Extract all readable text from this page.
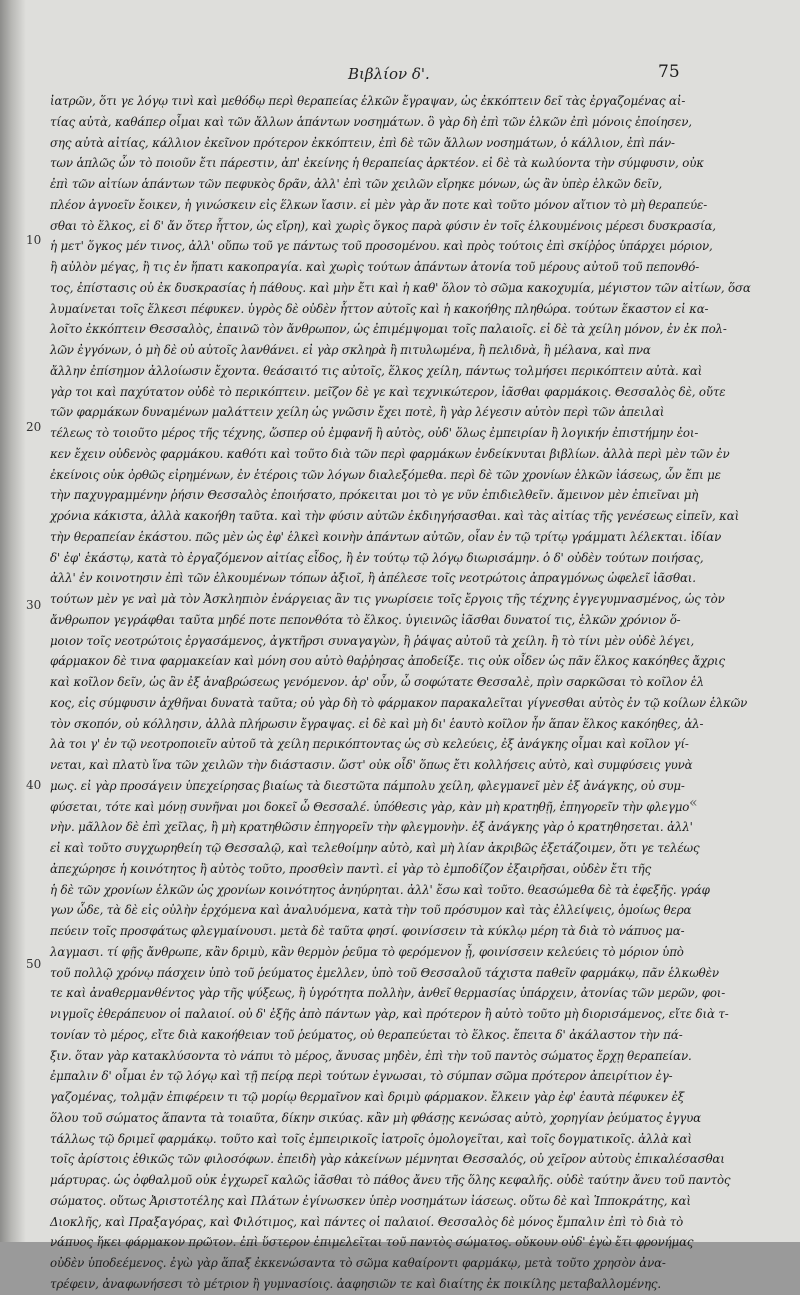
Βιβλίον δ'.	75
10
20
30
40
50
«
ἰατρῶν, ὅτι γε λόγῳ τινὶ καὶ μεθόδῳ περὶ θεραπείας ἑλκῶν ἔγραψαν, ὡς ἐκκόπτειν δεῖ τὰς ἐργαζομένας αἰ-
τίας αὐτὰ, καθάπερ οἶμαι καὶ τῶν ἄλλων ἁπάντων νοσημάτων. ὃ γὰρ δὴ ἐπὶ τῶν ἑλκῶν ἐπὶ μόνοις ἐποίησεν,
σης αὐτὰ αἰτίας, κάλλιον ἐκεῖνον πρότερον ἐκκόπτειν, ἐπὶ δὲ τῶν ἄλλων νοσημάτων, ὁ κάλλιον, ἐπὶ πάν-
των ἁπλῶς ὧν τὸ ποιοῦν ἔτι πάρεστιν, ἀπ' ἐκείνης ἡ θεραπείας ἀρκτέον. εἰ δὲ τὰ κωλύοντα τὴν σύμφυσιν, οὐκ
ἐπὶ τῶν αἰτίων ἁπάντων τῶν πεφυκὸς δρᾶν, ἀλλ' ἐπὶ τῶν χειλῶν εἴρηκε μόνων, ὡς ἂν ὑπὲρ ἑλκῶν δεῖν,
πλέον ἀγνοεῖν ἔοικεν, ἡ γινώσκειν εἰς ἕλκων ἴασιν. εἰ μὲν γὰρ ἄν ποτε καὶ τοῦτο μόνον αἴτιον τὸ μὴ θεραπεύε-
σθαι τὸ ἕλκος, εἰ δ' ἄν ὅτερ ἧττον, ὡς εἴρη), καὶ χωρὶς ὅγκος παρὰ φύσιν ἐν τοῖς ἑλκουμένοις μέρεσι δυσκρασία,
ἡ μετ' ὅγκος μέν τινος, ἀλλ' οὔπω τοῦ γε πάντως τοῦ προσομένου. καὶ πρὸς τούτοις ἐπὶ σκίῤῥος ὑπάρχει μόριον,
ἢ αὐλὸν μέγας, ἢ τις ἐν ἥπατι κακοπραγία. καὶ χωρὶς τούτων ἁπάντων ἀτονία τοῦ μέρους αὐτοῦ τοῦ πεπονθό-
τος, ἐπίστασις οὐ ἐκ δυσκρασίας ἡ πάθους. καὶ μὴν ἔτι καὶ ἡ καθ' ὅλον τὸ σῶμα κακοχυμία, μέγιστον τῶν αἰτίων, ὅσα
λυμαίνεται τοῖς ἕλκεσι πέφυκεν. ὑγρὸς δὲ οὐδὲν ἧττον αὐτοῖς καὶ ἡ κακοήθης πληθώρα. τούτων ἕκαστον εἰ κα-
λοῖτο ἐκκόπτειν Θεσσαλὸς, ἐπαινῶ τὸν ἄνθρωπον, ὡς ἐπιμέμψομαι τοῖς παλαιοῖς. εἰ δὲ τὰ χείλη μόνον, ἐν ἐκ πολ-
λῶν ἐγγόνων, ὁ μὴ δὲ οὐ αὐτοῖς λανθάνει. εἰ γὰρ σκληρὰ ἢ πιτυλωμένα, ἢ πελιδνὰ, ἢ μέλανα, καὶ πνα
ἄλλην ἐπίσημον ἀλλοίωσιν ἔχοντα. θεάσαιτό τις αὐτοῖς, ἕλκος χείλη, πάντως τολμήσει περικόπτειν αὐτὰ. καὶ
γὰρ τοι καὶ παχύτατον οὐδὲ τὸ περικόπτειν. μεῖζον δὲ γε καὶ τεχνικώτερον, ἰᾶσθαι φαρμάκοις. Θεσσαλὸς δὲ, οὔτε
τῶν φαρμάκων δυναμένων μαλάττειν χείλη ὡς γνῶσιν ἔχει ποτὲ, ἢ γὰρ λέγεσιν αὐτὸν περὶ τῶν ἀπειλαὶ
τέλεως τὸ τοιοῦτο μέρος τῆς τέχνης, ὥσπερ οὐ ἐμφανῆ ἢ αὐτὸς, οὐδ' ὅλως ἐμπειρίαν ἢ λογικήν ἐπιστήμην ἐοι-
κεν ἔχειν οὐδενὸς φαρμάκου. καθότι καὶ τοῦτο διὰ τῶν περὶ φαρμάκων ἐνδείκνυται βιβλίων. ἀλλὰ περὶ μὲν τῶν ἐν
ἐκείνοις οὐκ ὀρθῶς εἰρημένων, ἐν ἑτέροις τῶν λόγων διαλεξόμεθα. περὶ δὲ τῶν χρονίων ἑλκῶν ἰάσεως, ὧν ἔπι με
τὴν παχυγραμμένην ῥήσιν Θεσσαλὸς ἐποιήσατο, πρόκειται μοι τὸ γε νῦν ἐπιδιελθεῖν. ἄμεινον μὲν ἐπιεῖναι μὴ
χρόνια κάκιστα, ἀλλὰ κακοήθη ταῦτα. καὶ τὴν φύσιν αὐτῶν ἐκδιηγήσασθαι. καὶ τὰς αἰτίας τῆς γενέσεως εἰπεῖν, καὶ
τὴν θεραπείαν ἑκάστου. πῶς μὲν ὡς ἐφ' ἑλκεὶ κοινὴν ἁπάντων αὐτῶν, οἷαν ἐν τῷ τρίτῳ γράμματι λέλεκται. ἰδίαν
δ' ἐφ' ἑκάστῳ, κατὰ τὸ ἐργαζόμενον αἰτίας εἶδος, ἢ ἐν τούτῳ τῷ λόγῳ διωρισάμην. ὁ δ' οὐδὲν τούτων ποιήσας,
ἀλλ' ἐν κοινοτησιν ἐπὶ τῶν ἑλκουμένων τόπων ἀξιοῖ, ἢ ἀπέλεσε τοῖς νεοτρώτοις ἀπραγμόνως ὠφελεῖ ἰᾶσθαι.
τούτων μὲν γε ναὶ μὰ τὸν Ἀσκληπιὸν ἐνάργειας ἂν τις γνωρίσειε τοῖς ἔργοις τῆς τέχνης ἐγγεγυμνασμένος, ὡς τὸν
ἄνθρωπον γεγράφθαι ταῦτα μηδέ ποτε πεπονθότα τὸ ἕλκος. ὑγιεινῶς ἰᾶσθαι δυνατοί τις, ἑλκῶν χρόνιον ὅ-
μοιον τοῖς νεοτρώτοις ἐργασάμενος, ἀγκτῆρσι συναγαγὼν, ἢ ῥάψας αὐτοῦ τὰ χείλη. ἢ τὸ τίνι μὲν οὐδὲ λέγει,
φάρμακον δὲ τινα φαρμακείαν καὶ μόνη σου αὐτὸ θαῤῥησας ἀποδείξε. τις οὐκ οἶδεν ὡς πᾶν ἕλκος κακόηθες ἄχρις
καὶ κοῖλον δεῖν, ὡς ἂν ἐξ ἀναβρώσεως γενόμενον. ἀρ' οὖν, ὦ σοφώτατε Θεσσαλὲ, πρὶν σαρκῶσαι τὸ κοῖλον ἑλ
κος, εἰς σύμφυσιν ἀχθῆναι δυνατὰ ταῦτα; οὐ γὰρ δὴ τὸ φάρμακον παρακαλεῖται γίγνεσθαι αὐτὸς ἐν τῷ κοίλων ἑλκῶν
τὸν σκοπόν, οὐ κόλλησιν, ἀλλὰ πλήρωσιν ἔγραψας. εἰ δὲ καὶ μὴ δι' ἑαυτὸ κοῖλον ἦν ἅπαν ἕλκος κακόηθες, ἀλ-
λὰ τοι γ' ἐν τῷ νεοτροποιεῖν αὐτοῦ τὰ χείλη περικόπτοντας ὡς σὺ κελεύεις, ἐξ ἀνάγκης οἶμαι καὶ κοῖλον γί-
νεται, καὶ πλατὺ ἵνα τῶν χειλῶν τὴν διάστασιν. ὥστ' οὐκ οἶδ' ὅπως ἔτι κολλήσεις αὐτὸ, καὶ συμφύσεις γυνὰ
μως. εἰ γὰρ προσάγειν ὑπεχείρησας βιαίως τὰ διεστῶτα πάμπολυ χείλη, φλεγμανεῖ μὲν ἐξ ἀνάγκης, οὐ συμ-
φύσεται, τότε καὶ μόνῃ συνῆναι μοι δοκεῖ ὦ Θεσσαλέ. ὑπόθεσις γὰρ, κὰν μὴ κρατηθῇ, ἐπηγορεῖν τὴν φλεγμο
νὴν. μᾶλλον δὲ ἐπὶ χεῖλας, ἢ μὴ κρατηθῶσιν ἐπηγορεῖν τὴν φλεγμονὴν. ἐξ ἀνάγκης γὰρ ὁ κρατηθησεται. ἀλλ'
εἰ καὶ τοῦτο συγχωρηθείη τῷ Θεσσαλῷ, καὶ τελεθοίμην αὐτὸ, καὶ μὴ λίαν ἀκριβῶς ἐξετάζοιμεν, ὅτι γε τελέως
ἀπεχώρησε ἡ κοινότητος ἢ αὐτὸς τοῦτο, προσθεὶν παντὶ. εἰ γὰρ τὸ ἐμποδίζον ἐξαιρῆσαι, οὐδὲν ἔτι τῆς
ἡ δὲ τῶν χρονίων ἑλκῶν ὡς χρονίων κοινότητος ἀνηύρηται. ἀλλ' ἔσω καὶ τοῦτο. θεασώμεθα δὲ τὰ ἐφεξῆς. γράφ
γων ὧδε, τὰ δὲ εἰς οὐλὴν ἐρχόμενα καὶ ἀναλυόμενα, κατὰ τὴν τοῦ πρόσυμον καὶ τὰς ἐλλείψεις, ὁμοίως θερα
πεύειν τοῖς προσφάτως φλεγμαίνουσι. μετὰ δὲ ταῦτα φησί. φοινίσσειν τὰ κύκλῳ μέρη τὰ διὰ τὸ νάπυος μα-
λαγμασι. τί φῇς ἄνθρωπε, κἂν δριμὺ, κἂν θερμὸν ῥεῦμα τὸ φερόμενον ᾖ, φοινίσσειν κελεύεις τὸ μόριον ὑπὸ
τοῦ πολλῷ χρόνῳ πάσχειν ὑπὸ τοῦ ῥεύματος ἐμελλεν, ὑπὸ τοῦ Θεσσαλοῦ τάχιστα παθεῖν φαρμάκῳ, πᾶν ἑλκωθὲν
τε καὶ ἀναθερμανθέντος γὰρ τῆς ψύξεως, ἢ ὑγρότητα πολλὴν, ἀνθεῖ θερμασίας ὑπάρχειν, ἀτονίας τῶν μερῶν, φοι-
νιγμοῖς ἐθεράπευον οἱ παλαιοί. οὐ δ' ἐξῆς ἀπὸ πάντων γὰρ, καὶ πρότερον ἢ αὐτὸ τοῦτο μὴ διορισάμενος, εἴτε διὰ τ-
τονίαν τὸ μέρος, εἴτε διὰ κακοήθειαν τοῦ ῥεύματος, οὐ θεραπεύεται τὸ ἕλκος. ἔπειτα δ' ἀκάλαστον τὴν πά-
ξιν. ὅταν γὰρ κατακλύσοντα τὸ νάπυι τὸ μέρος, ἄνυσας μηδὲν, ἐπὶ τὴν τοῦ παντὸς σώματος ἔρχῃ θεραπείαν.
ἐμπαλιν δ' οἶμαι ἐν τῷ λόγῳ καὶ τῇ πείρᾳ περὶ τούτων ἐγνωσαι, τὸ σύμπαν σῶμα πρότερον ἀπειρίτιον ἐγ-
γαζομένας, τολμᾷν ἐπιφέρειν τι τῷ μορίῳ θερμαῖνον καὶ δριμὺ φάρμακον. ἔλκειν γὰρ ἐφ' ἑαυτὰ πέφυκεν ἐξ
ὅλου τοῦ σώματος ἅπαντα τὰ τοιαῦτα, δίκην σικύας. κἂν μὴ φθάσῃς κενώσας αὐτὸ, χορηγίαν ῥεύματος ἐγγυα
τάλλως τῷ δριμεῖ φαρμάκῳ. τοῦτο καὶ τοῖς ἐμπειρικοῖς ἰατροῖς ὁμολογεῖται, καὶ τοῖς δογματικοῖς. ἀλλὰ καὶ
τοῖς ἀρίστοις ἐθικῶς τῶν φιλοσόφων. ἐπειδὴ γὰρ κἀκείνων μέμνηται Θεσσαλός, οὐ χεῖρον αὐτοὺς ἐπικαλέσασθαι
μάρτυρας. ὡς ὀφθαλμοῦ οὐκ ἐγχωρεῖ καλῶς ἰᾶσθαι τὸ πάθος ἄνευ τῆς ὅλης κεφαλῆς. οὐδὲ ταύτην ἄνευ τοῦ παντὸς
σώματος. οὕτως Ἀριστοτέλης καὶ Πλάτων ἐγίνωσκεν ὑπὲρ νοσημάτων ἰάσεως. οὕτω δὲ καὶ Ἱπποκράτης, καὶ
Διοκλῆς, καὶ Πραξαγόρας, καὶ Φιλότιμος, καὶ πάντες οἱ παλαιοί. Θεσσαλὸς δὲ μόνος ἔμπαλιν ἐπὶ τὸ διὰ τὸ
νάπυος ἥκει φάρμακον πρῶτον. ἐπὶ ὕστερον ἐπιμελεῖται τοῦ παντὸς σώματος. οὔκουν οὐδ' ἐγὼ ἔτι φρονήμας
οὐδὲν ὑποδεέμενος. ἐγὼ γὰρ ἅπαξ ἐκκενώσαντα τὸ σῶμα καθαίροντι φαρμάκῳ, μετὰ τοῦτο χρησὸν ἀνα-
τρέφειν, ἀναφωνήσεσι τὸ μέτριον ἢ γυμνασίοις. ἀαφησιῶν τε καὶ διαίτης ἐκ ποικίλης μεταβαλλομένης.
